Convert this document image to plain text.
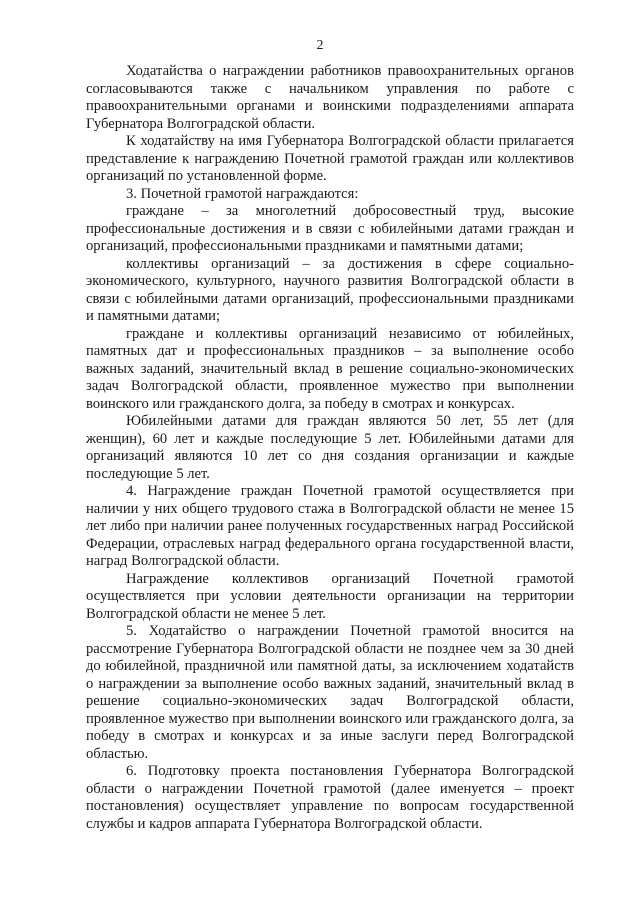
2

Ходатайства о награждении работников правоохранительных органов согласовываются также с начальником управления по работе с правоохранительными органами и воинскими подразделениями аппарата Губернатора Волгоградской области.

К ходатайству на имя Губернатора Волгоградской области прилагается представление к награждению Почетной грамотой граждан или коллективов организаций по установленной форме.

3. Почетной грамотой награждаются:

граждане – за многолетний добросовестный труд, высокие профессиональные достижения и в связи с юбилейными датами граждан и организаций, профессиональными праздниками и памятными датами;

коллективы организаций – за достижения в сфере социально-экономического, культурного, научного развития Волгоградской области в связи с юбилейными датами организаций, профессиональными праздниками и памятными датами;

граждане и коллективы организаций независимо от юбилейных, памятных дат и профессиональных праздников – за выполнение особо важных заданий, значительный вклад в решение социально-экономических задач Волгоградской области, проявленное мужество при выполнении воинского или гражданского долга, за победу в смотрах и конкурсах.

Юбилейными датами для граждан являются 50 лет, 55 лет (для женщин), 60 лет и каждые последующие 5 лет. Юбилейными датами для организаций являются 10 лет со дня создания организации и каждые последующие 5 лет.

4. Награждение граждан Почетной грамотой осуществляется при наличии у них общего трудового стажа в Волгоградской области не менее 15 лет либо при наличии ранее полученных государственных наград Российской Федерации, отраслевых наград федерального органа государственной власти, наград Волгоградской области.

Награждение коллективов организаций Почетной грамотой осуществляется при условии деятельности организации на территории Волгоградской области не менее 5 лет.

5. Ходатайство о награждении Почетной грамотой вносится на рассмотрение Губернатора Волгоградской области не позднее чем за 30 дней до юбилейной, праздничной или памятной даты, за исключением ходатайств о награждении за выполнение особо важных заданий, значительный вклад в решение социально-экономических задач Волгоградской области, проявленное мужество при выполнении воинского или гражданского долга, за победу в смотрах и конкурсах и за иные заслуги перед Волгоградской областью.

6. Подготовку проекта постановления Губернатора Волгоградской области о награждении Почетной грамотой (далее именуется – проект постановления) осуществляет управление по вопросам государственной службы и кадров аппарата Губернатора Волгоградской области.
